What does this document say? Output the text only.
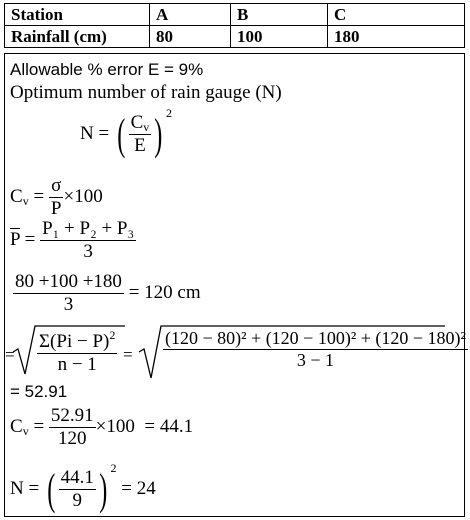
Station	A	B	C
Rainfall (cm)	80	100	180
Allowable % error E = 9%
Optimum number of rain gauge (N)
N = ( $\frac{C_v}{E}$ ) $^2$
$C_v = \frac{\sigma}{P} \times 100$
$\overline{P} = \frac{\text{P₁ + P₂ + P₃}}{3}$
$\frac{80 +100 +180}{3} = 120$ cm
= $\frac{\Sigma(Pi - P)^2}{n - 1} = \frac{\text{(120 − 80)² + (120 − 100)² + (120 − 180)²}}{3 - 1}$
= 52.91
$C_v = \frac{52.91}{120} \times 100 = 44.1$
N = ( $\frac{44.1}{9}$ ) $^2$ = 24
